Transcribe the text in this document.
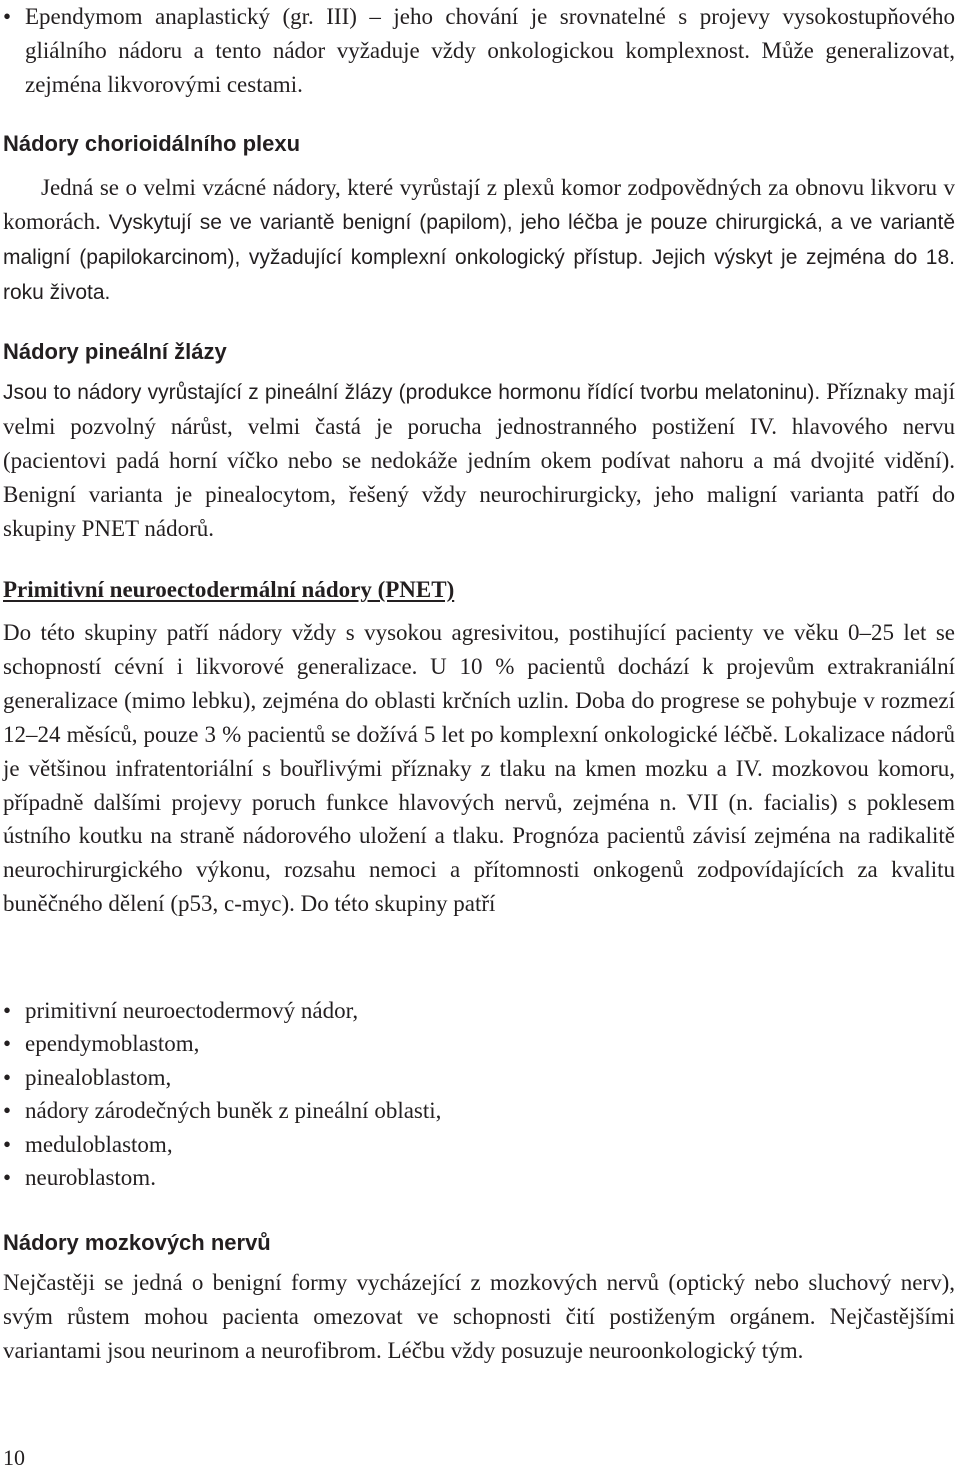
• Ependymom anaplastický (gr. III) – jeho chování je srovnatelné s projevy vysokostupňového gliálního nádoru a tento nádor vyžaduje vždy onkologickou komplexnost. Může generalizovat, zejména likvorovými cestami.

Nádory chorioidálního plexu

Jedná se o velmi vzácné nádory, které vyrůstají z plexů komor zodpovědných za obnovu likvoru v komorách. Vyskytují se ve variantě benigní (papilom), jeho léčba je pouze chirurgická, a ve variantě maligní (papilokarcinom), vyžadující komplexní onkologický přístup. Jejich výskyt je zejména do 18. roku života.

Nádory pineální žlázy

Jsou to nádory vyrůstající z pineální žlázy (produkce hormonu řídící tvorbu melatoninu). Příznaky mají velmi pozvolný nárůst, velmi častá je porucha jednostranného postižení IV. hlavového nervu (pacientovi padá horní víčko nebo se nedokáže jedním okem podívat nahoru a má dvojité vidění). Benigní varianta je pinealocytom, řešený vždy neurochirurgicky, jeho maligní varianta patří do skupiny PNET nádorů.

Primitivní neuroectodermální nádory (PNET)

Do této skupiny patří nádory vždy s vysokou agresivitou, postihující pacienty ve věku 0–25 let se schopností cévní i likvorové generalizace. U 10 % pacientů dochází k projevům extrakraniální generalizace (mimo lebku), zejména do oblasti krčních uzlin. Doba do progrese se pohybuje v rozmezí 12–24 měsíců, pouze 3 % pacientů se dožívá 5 let po komplexní onkologické léčbě. Lokalizace nádorů je většinou infratentoriální s bouřlivými příznaky z tlaku na kmen mozku a IV. mozkovou komoru, případně dalšími projevy poruch funkce hlavových nervů, zejména n. VII (n. facialis) s poklesem ústního koutku na straně nádorového uložení a tlaku. Prognóza pacientů závisí zejména na radikalitě neurochirurgického výkonu, rozsahu nemoci a přítomnosti onkogenů zodpovídajících za kvalitu buněčného dělení (p53, c-myc). Do této skupiny patří

• primitivní neuroectodermový nádor,
• ependymoblastom,
• pinealoblastom,
• nádory zárodečných buněk z pineální oblasti,
• meduloblastom,
• neuroblastom.
Nádory mozkových nervů

Nejčastěji se jedná o benigní formy vycházející z mozkových nervů (optický nebo sluchový nerv), svým růstem mohou pacienta omezovat ve schopnosti čití postiženým orgánem. Nejčastějšími variantami jsou neurinom a neurofibrom. Léčbu vždy posuzuje neuroonkologický tým.

10
